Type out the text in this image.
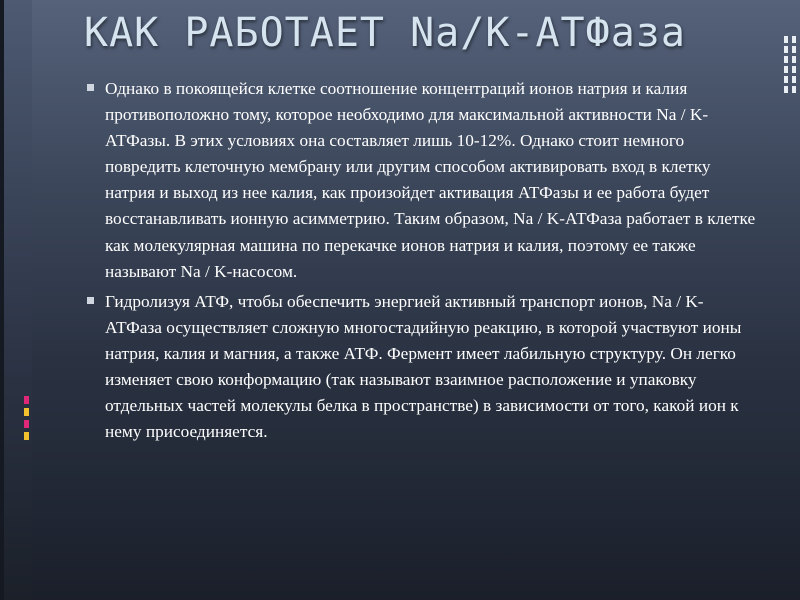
КАК РАБОТАЕТ Na/K-АТФаза

Однако в покоящейся клетке соотношение концентраций ионов натрия и калия противоположно тому, которое необходимо для максимальной активности Na / K-АТФазы. В этих условиях она составляет лишь 10-12%. Однако стоит немного повредить клеточную мембрану или другим способом активировать вход в клетку натрия и выход из нее калия, как произойдет активация АТФазы и ее работа будет восстанавливать ионную асимметрию. Таким образом, Na / K-АТФаза работает в клетке как молекулярная машина по перекачке ионов натрия и калия, поэтому ее также называют Na / K-насосом.

Гидролизуя АТФ, чтобы обеспечить энергией активный транспорт ионов, Na / K-АТФаза осуществляет сложную многостадийную реакцию, в которой участвуют ионы натрия, калия и магния, а также АТФ. Фермент имеет лабильную структуру. Он легко изменяет свою конформацию (так называют взаимное расположение и упаковку отдельных частей молекулы белка в пространстве) в зависимости от того, какой ион к нему присоединяется.
